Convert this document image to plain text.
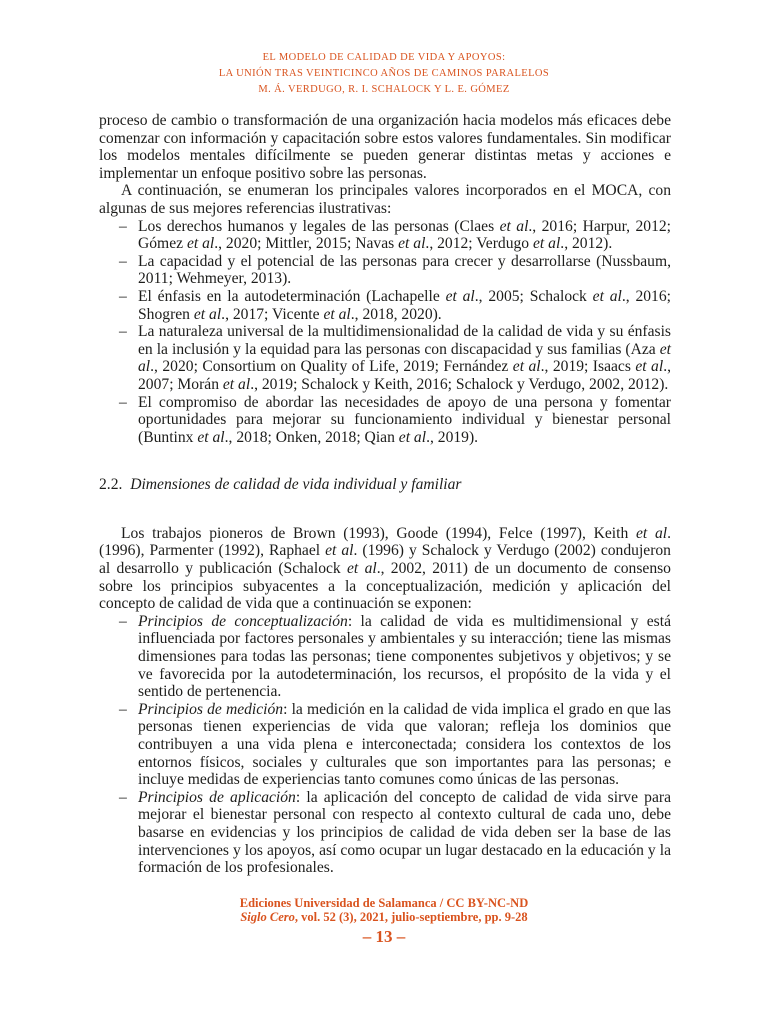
EL MODELO DE CALIDAD DE VIDA Y APOYOS:
LA UNIÓN TRAS VEINTICINCO AÑOS DE CAMINOS PARALELOS
M. Á. VERDUGO, R. I. SCHALOCK Y L. E. GÓMEZ

proceso de cambio o transformación de una organización hacia modelos más eficaces debe comenzar con información y capacitación sobre estos valores fundamentales. Sin modificar los modelos mentales difícilmente se pueden generar distintas metas y acciones e implementar un enfoque positivo sobre las personas.

A continuación, se enumeran los principales valores incorporados en el MOCA, con algunas de sus mejores referencias ilustrativas:

– Los derechos humanos y legales de las personas (Claes et al., 2016; Harpur, 2012; Gómez et al., 2020; Mittler, 2015; Navas et al., 2012; Verdugo et al., 2012).
– La capacidad y el potencial de las personas para crecer y desarrollarse (Nussbaum, 2011; Wehmeyer, 2013).
– El énfasis en la autodeterminación (Lachapelle et al., 2005; Schalock et al., 2016; Shogren et al., 2017; Vicente et al., 2018, 2020).
– La naturaleza universal de la multidimensionalidad de la calidad de vida y su énfasis en la inclusión y la equidad para las personas con discapacidad y sus familias (Aza et al., 2020; Consortium on Quality of Life, 2019; Fernández et al., 2019; Isaacs et al., 2007; Morán et al., 2019; Schalock y Keith, 2016; Schalock y Verdugo, 2002, 2012).
– El compromiso de abordar las necesidades de apoyo de una persona y fomentar oportunidades para mejorar su funcionamiento individual y bienestar personal (Buntinx et al., 2018; Onken, 2018; Qian et al., 2019).

2.2. Dimensiones de calidad de vida individual y familiar

Los trabajos pioneros de Brown (1993), Goode (1994), Felce (1997), Keith et al. (1996), Parmenter (1992), Raphael et al. (1996) y Schalock y Verdugo (2002) condujeron al desarrollo y publicación (Schalock et al., 2002, 2011) de un documento de consenso sobre los principios subyacentes a la conceptualización, medición y aplicación del concepto de calidad de vida que a continuación se exponen:

– Principios de conceptualización: la calidad de vida es multidimensional y está influenciada por factores personales y ambientales y su interacción; tiene las mismas dimensiones para todas las personas; tiene componentes subjetivos y objetivos; y se ve favorecida por la autodeterminación, los recursos, el propósito de la vida y el sentido de pertenencia.
– Principios de medición: la medición en la calidad de vida implica el grado en que las personas tienen experiencias de vida que valoran; refleja los dominios que contribuyen a una vida plena e interconectada; considera los contextos de los entornos físicos, sociales y culturales que son importantes para las personas; e incluye medidas de experiencias tanto comunes como únicas de las personas.
– Principios de aplicación: la aplicación del concepto de calidad de vida sirve para mejorar el bienestar personal con respecto al contexto cultural de cada uno, debe basarse en evidencias y los principios de calidad de vida deben ser la base de las intervenciones y los apoyos, así como ocupar un lugar destacado en la educación y la formación de los profesionales.
Ediciones Universidad de Salamanca / CC BY-NC-ND
Siglo Cero, vol. 52 (3), 2021, julio-septiembre, pp. 9-28
– 13 –
